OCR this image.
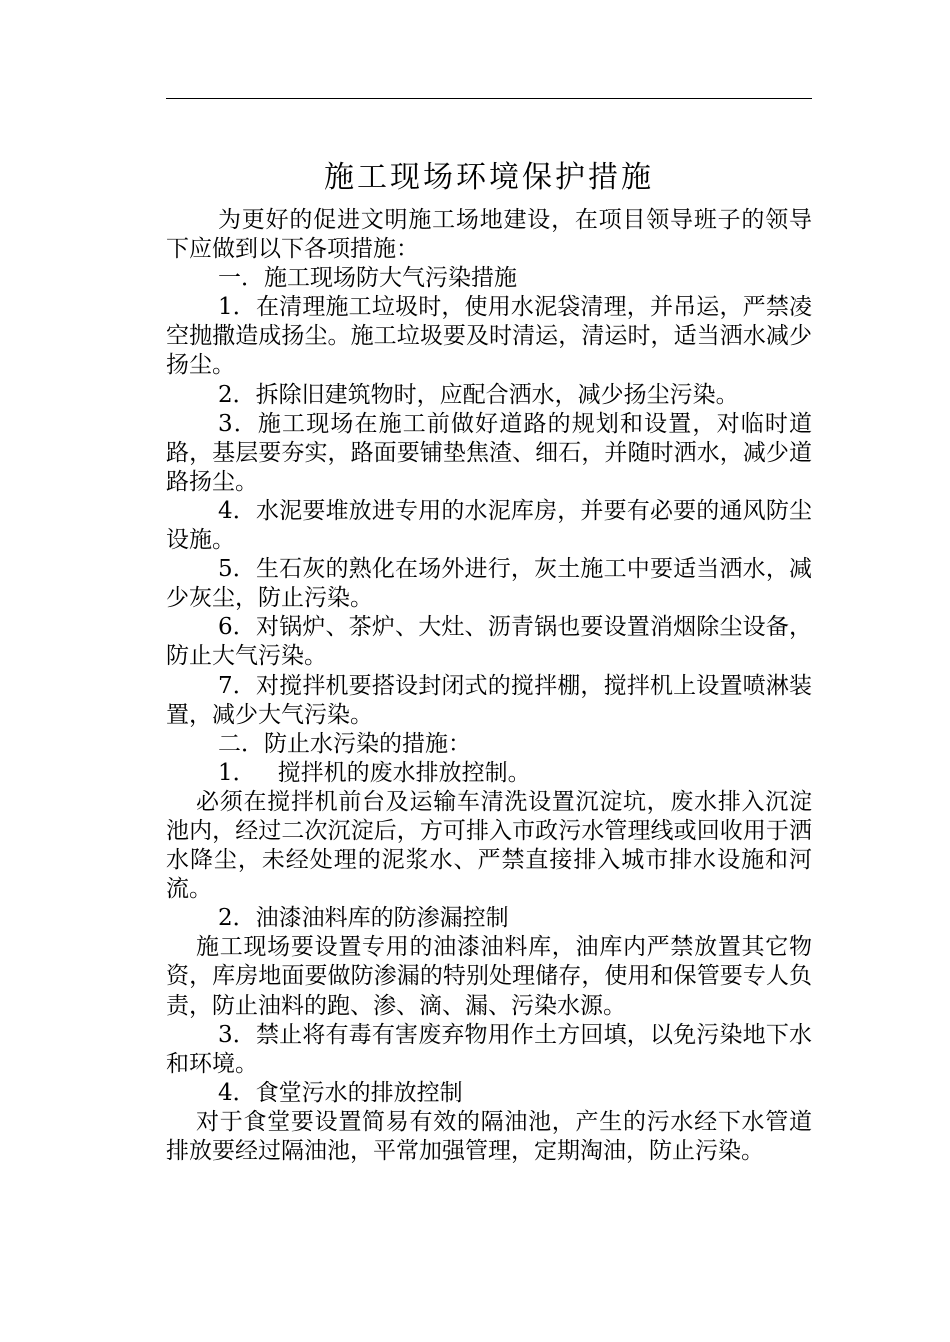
施工现场环境保护措施

为更好的促进文明施工场地建设，在项目领导班子的领导下应做到以下各项措施：

一．施工现场防大气污染措施

1．在清理施工垃圾时，使用水泥袋清理，并吊运，严禁凌空抛撒造成扬尘。施工垃圾要及时清运，清运时，适当洒水减少扬尘。

2．拆除旧建筑物时，应配合洒水，减少扬尘污染。

3．施工现场在施工前做好道路的规划和设置，对临时道路，基层要夯实，路面要铺垫焦渣、细石，并随时洒水，减少道路扬尘。

4．水泥要堆放进专用的水泥库房，并要有必要的通风防尘设施。

5．生石灰的熟化在场外进行，灰土施工中要适当洒水，减少灰尘，防止污染。

6．对锅炉、茶炉、大灶、沥青锅也要设置消烟除尘设备，防止大气污染。

7．对搅拌机要搭设封闭式的搅拌棚，搅拌机上设置喷淋装置，减少大气污染。

二．防止水污染的措施：

1．   搅拌机的废水排放控制。

必须在搅拌机前台及运输车清洗设置沉淀坑，废水排入沉淀池内，经过二次沉淀后，方可排入市政污水管理线或回收用于洒水降尘，未经处理的泥浆水、严禁直接排入城市排水设施和河流。

2．油漆油料库的防渗漏控制

施工现场要设置专用的油漆油料库，油库内严禁放置其它物资，库房地面要做防渗漏的特别处理储存，使用和保管要专人负责，防止油料的跑、渗、滴、漏、污染水源。

3．禁止将有毒有害废弃物用作土方回填，以免污染地下水和环境。

4．食堂污水的排放控制

对于食堂要设置简易有效的隔油池，产生的污水经下水管道排放要经过隔油池，平常加强管理，定期淘油，防止污染。
